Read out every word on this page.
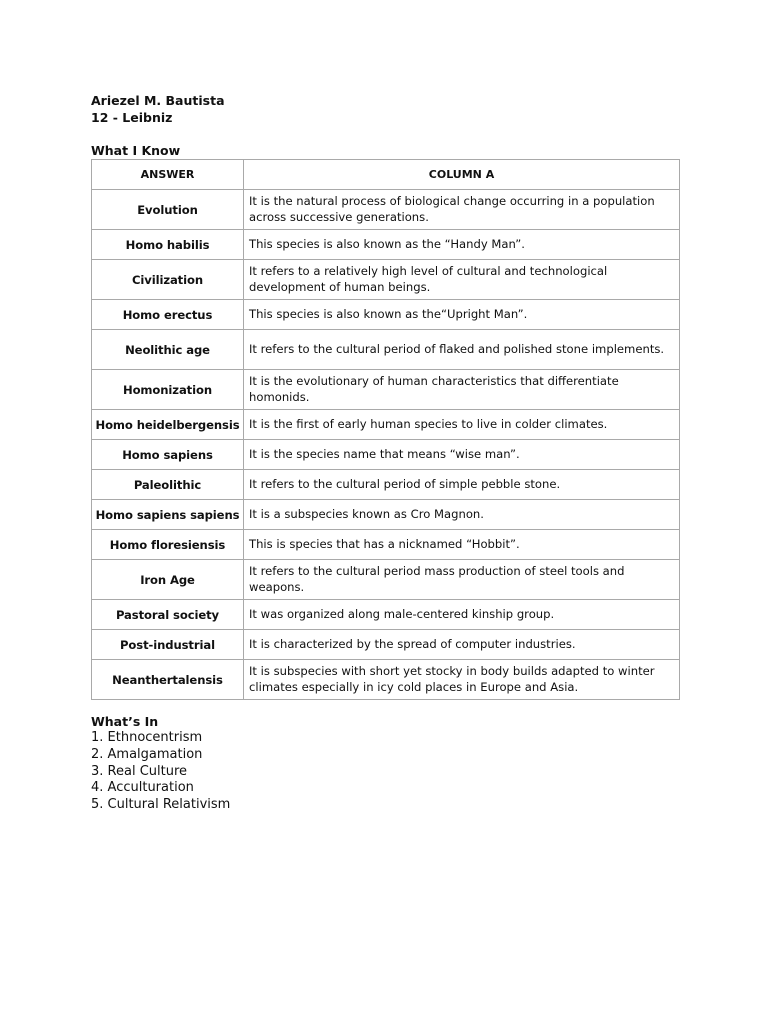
Ariezel M. Bautista

12 - Leibniz

What I Know

ANSWER	COLUMN A
Evolution	It is the natural process of biological change occurring in a population across successive generations.
Homo habilis	This species is also known as the “Handy Man”.
Civilization	It refers to a relatively high level of cultural and technological development of human beings.
Homo erectus	This species is also known as the“Upright Man”.
Neolithic age	It refers to the cultural period of flaked and polished stone implements.
Homonization	It is the evolutionary of human characteristics that differentiate homonids.
Homo heidelbergensis	It is the first of early human species to live in colder climates.
Homo sapiens	It is the species name that means “wise man”.
Paleolithic	It refers to the cultural period of simple pebble stone.
Homo sapiens sapiens	It is a subspecies known as Cro Magnon.
Homo floresiensis	This is species that has a nicknamed “Hobbit”.
Iron Age	It refers to the cultural period mass production of steel tools and weapons.
Pastoral society	It was organized along male-centered kinship group.
Post-industrial	It is characterized by the spread of computer industries.
Neanthertalensis	It is subspecies with short yet stocky in body builds adapted to winter climates especially in icy cold places in Europe and Asia.

What’s In

1. Ethnocentrism
2. Amalgamation
3. Real Culture
4. Acculturation
5. Cultural Relativism
